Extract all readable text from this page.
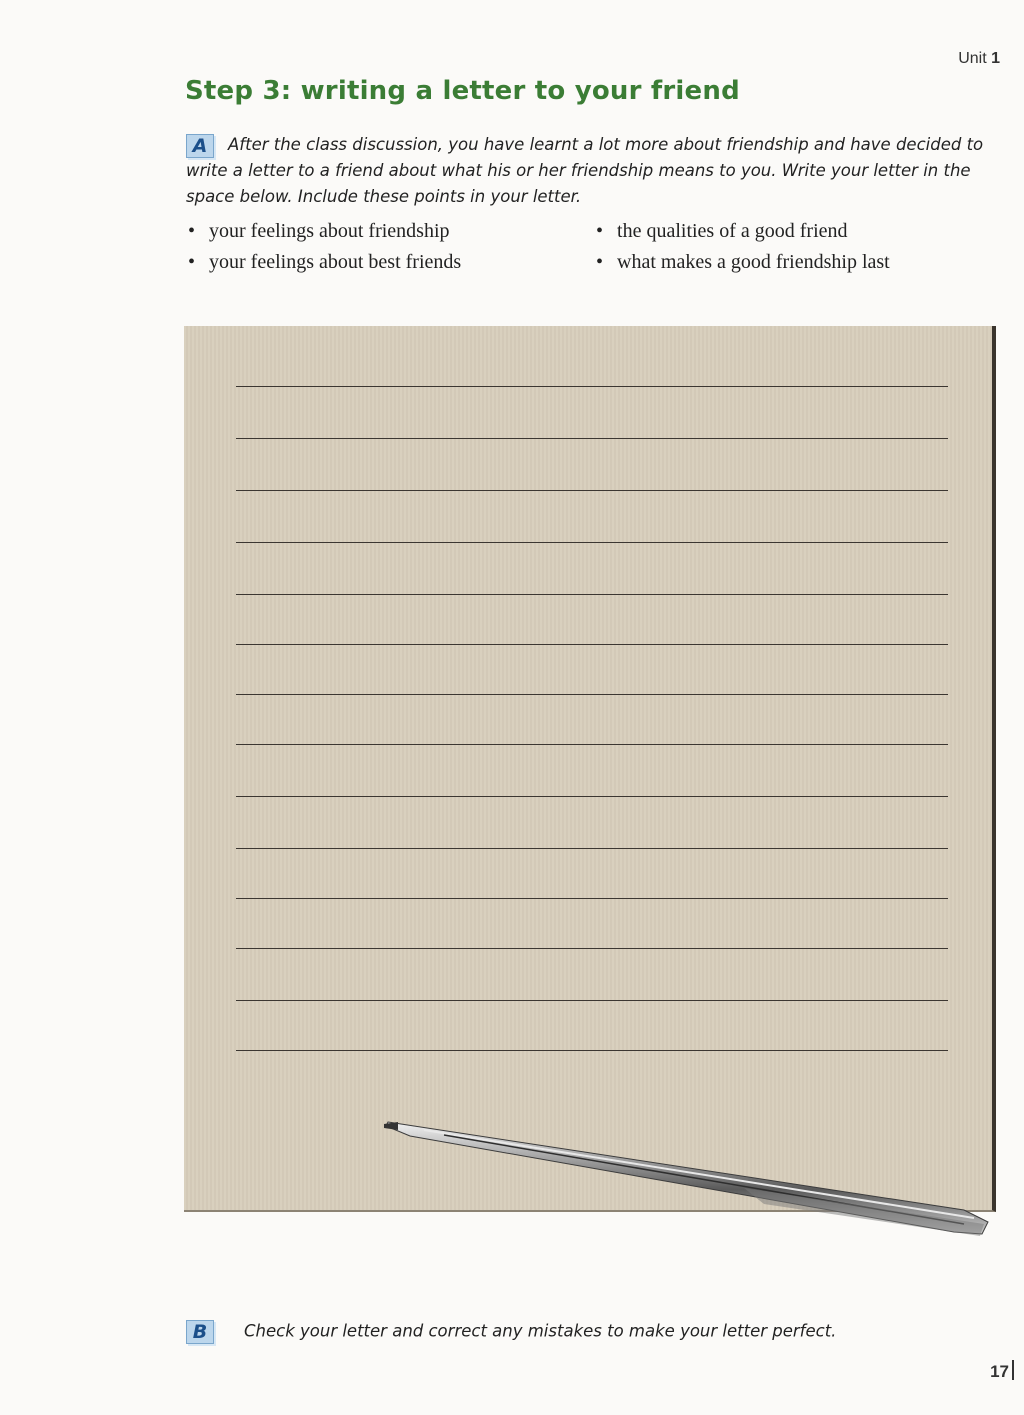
Unit 1
Step 3: writing a letter to your friend
A After the class discussion, you have learnt a lot more about friendship and have decided to write a letter to a friend about what his or her friendship means to you. Write your letter in the space below. Include these points in your letter.
• your feelings about friendship	• the qualities of a good friend
• your feelings about best friends	• what makes a good friendship last
B Check your letter and correct any mistakes to make your letter perfect.
17
